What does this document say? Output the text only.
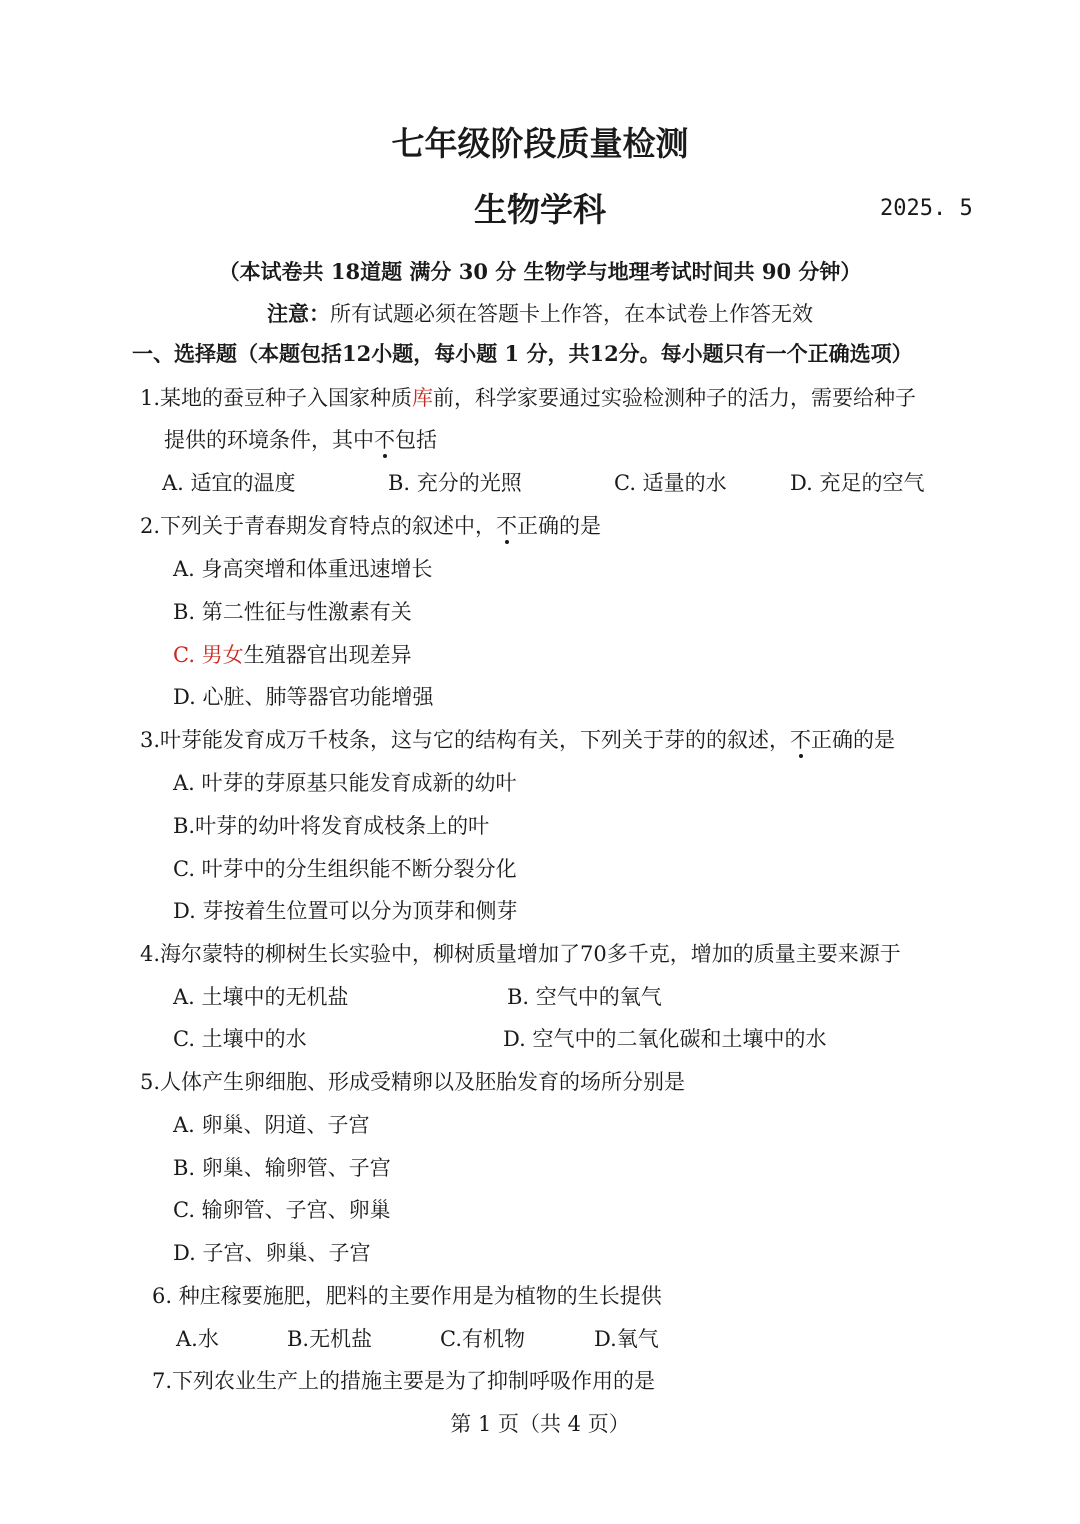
七年级阶段质量检测
生物学科	2025. 5
（本试卷共 18道题 满分 30 分 生物学与地理考试时间共 90 分钟）
注意：所有试题必须在答题卡上作答，在本试卷上作答无效
一、选择题（本题包括12小题，每小题 1 分，共12分。每小题只有一个正确选项）
1.某地的蚕豆种子入国家种质库前，科学家要通过实验检测种子的活力，需要给种子
提供的环境条件，其中不包括
A. 适宜的温度	B. 充分的光照	C. 适量的水	D. 充足的空气
2.下列关于青春期发育特点的叙述中，不正确的是
A. 身高突增和体重迅速增长
B. 第二性征与性激素有关
C. 男女生殖器官出现差异
D. 心脏、肺等器官功能增强
3.叶芽能发育成万千枝条，这与它的结构有关，下列关于芽的的叙述，不正确的是
A. 叶芽的芽原基只能发育成新的幼叶
B.叶芽的幼叶将发育成枝条上的叶
C. 叶芽中的分生组织能不断分裂分化
D. 芽按着生位置可以分为顶芽和侧芽
4.海尔蒙特的柳树生长实验中，柳树质量增加了70多千克，增加的质量主要来源于
A. 土壤中的无机盐	B. 空气中的氧气
C. 土壤中的水	D. 空气中的二氧化碳和土壤中的水
5.人体产生卵细胞、形成受精卵以及胚胎发育的场所分别是
A. 卵巢、阴道、子宫
B. 卵巢、输卵管、子宫
C. 输卵管、子宫、卵巢
D. 子宫、卵巢、子宫
6. 种庄稼要施肥，肥料的主要作用是为植物的生长提供
A.水	B.无机盐	C.有机物	D.氧气
7.下列农业生产上的措施主要是为了抑制呼吸作用的是
第 1 页（共 4 页）
